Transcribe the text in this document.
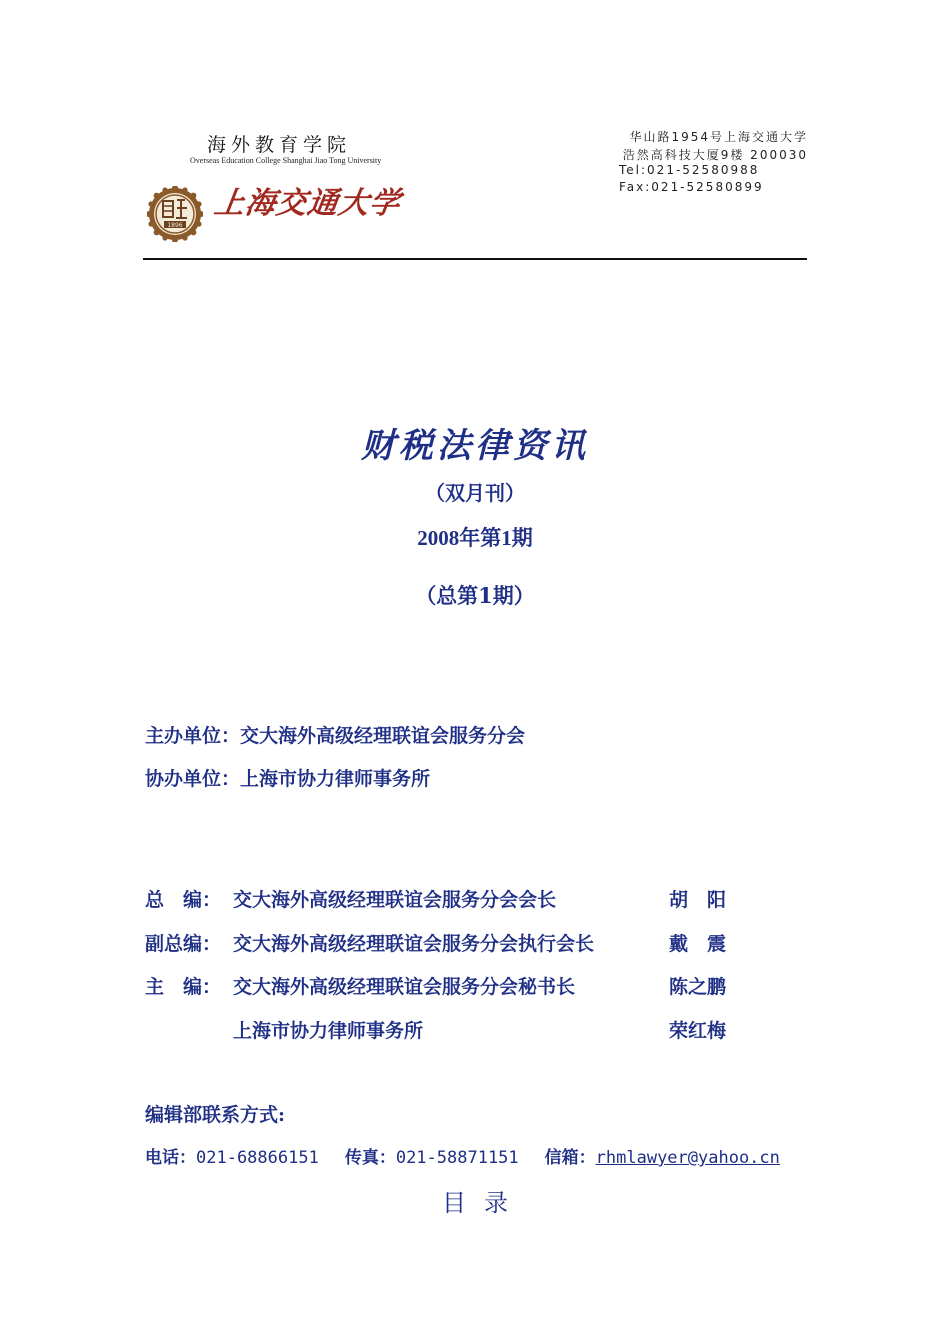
海外教育学院
Overseas Education College Shanghai Jiao Tong University
1896
上海交通大学
华山路1954号上海交通大学
浩然高科技大厦9楼 200030
Tel:021-52580988
Fax:021-52580899
财税法律资讯
（双月刊）
2008年第1期
（总第1期）
主办单位：交大海外高级经理联谊会服务分会
协办单位：上海市协力律师事务所
总　编： 交大海外高级经理联谊会服务分会会长	胡　阳
副总编： 交大海外高级经理联谊会服务分会执行会长	戴　震
主　编： 交大海外高级经理联谊会服务分会秘书长	陈之鹏
上海市协力律师事务所	荣红梅
编辑部联系方式:
电话：021-68866151 传真：021-58871151 信箱：rhmlawyer@yahoo.cn
目录
